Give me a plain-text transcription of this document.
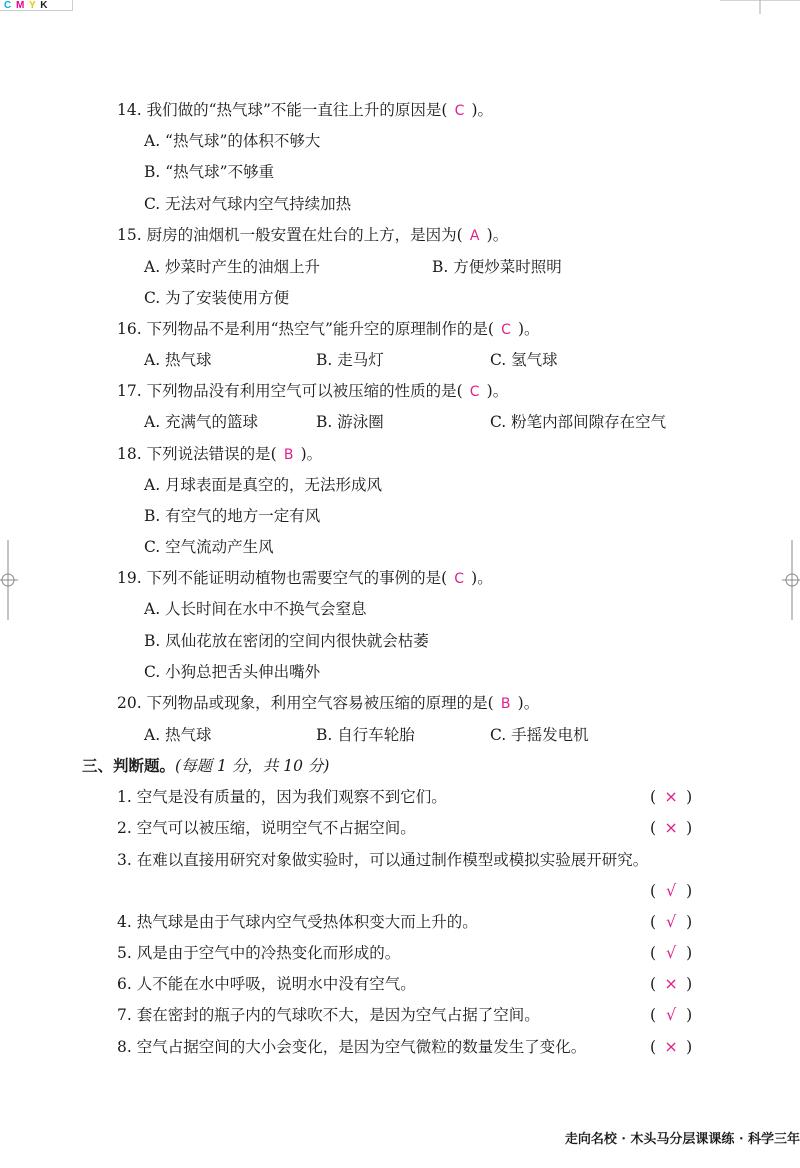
C M Y K
14. 我们做的“热气球”不能一直往上升的原因是( C )。
A. “热气球”的体积不够大
B. “热气球”不够重
C. 无法对气球内空气持续加热
15. 厨房的油烟机一般安置在灶台的上方，是因为( A )。
A. 炒菜时产生的油烟上升	B. 方便炒菜时照明
C. 为了安装使用方便
16. 下列物品不是利用“热空气”能升空的原理制作的是( C )。
A. 热气球	B. 走马灯	C. 氢气球
17. 下列物品没有利用空气可以被压缩的性质的是( C )。
A. 充满气的篮球	B. 游泳圈	C. 粉笔内部间隙存在空气
18. 下列说法错误的是( B )。
A. 月球表面是真空的，无法形成风
B. 有空气的地方一定有风
C. 空气流动产生风
19. 下列不能证明动植物也需要空气的事例的是( C )。
A. 人长时间在水中不换气会窒息
B. 凤仙花放在密闭的空间内很快就会枯萎
C. 小狗总把舌头伸出嘴外
20. 下列物品或现象，利用空气容易被压缩的原理的是( B )。
A. 热气球	B. 自行车轮胎	C. 手摇发电机
三、判断题。(每题 1 分，共 10 分)
1. 空气是没有质量的，因为我们观察不到它们。	( × )
2. 空气可以被压缩，说明空气不占据空间。	( × )
3. 在难以直接用研究对象做实验时，可以通过制作模型或模拟实验展开研究。
( √ )
4. 热气球是由于气球内空气受热体积变大而上升的。	( √ )
5. 风是由于空气中的冷热变化而形成的。	( √ )
6. 人不能在水中呼吸，说明水中没有空气。	( × )
7. 套在密封的瓶子内的气球吹不大，是因为空气占据了空间。	( √ )
8. 空气占据空间的大小会变化，是因为空气微粒的数量发生了变化。	( × )
走向名校 · 木头马分层课课练 · 科学三年
